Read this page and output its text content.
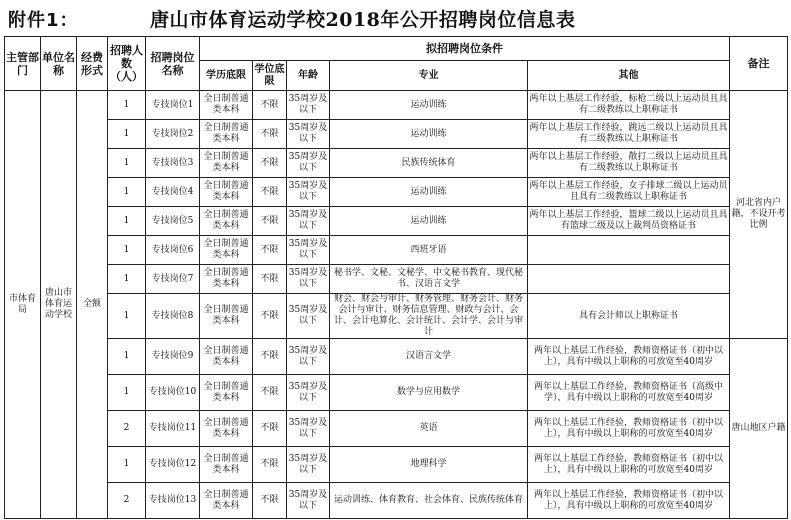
附件1：	唐山市体育运动学校2018年公开招聘岗位信息表
主管部门	单位名称	经费形式	招聘人数（人）	招聘岗位名称	拟招聘岗位条件					备注
					学历底限	学位底限	年龄	专业	其他	
市体育局	唐山市体育运动学校	全额	1	专技岗位1	全日制普通类本科	不限	35周岁及以下	运动训练	两年以上基层工作经验，标枪二级以上运动员且具有二级教练以上职称证书	河北省内户籍，不设开考比例
			1	专技岗位2	全日制普通类本科	不限	35周岁及以下	运动训练	两年以上基层工作经验，跳远二级以上运动员且具有二级教练以上职称证书	
			1	专技岗位3	全日制普通类本科	不限	35周岁及以下	民族传统体育	两年以上基层工作经验，散打二级以上运动员且具有二级教练以上职称证书	
			1	专技岗位4	全日制普通类本科	不限	35周岁及以下	运动训练	两年以上基层工作经验，女子排球二级以上运动员且具有二级教练以上职称证书	
			1	专技岗位5	全日制普通类本科	不限	35周岁及以下	运动训练	两年以上基层工作经验，篮球二级以上运动员且具有篮球二级及以上裁判员资格证书	
			1	专技岗位6	全日制普通类本科	不限	35周岁及以下	西班牙语		
			1	专技岗位7	全日制普通类本科	不限	35周岁及以下	秘书学、文秘、文秘学、中文秘书教育、现代秘书、汉语言文学		
			1	专技岗位8	全日制普通类本科	不限	35周岁及以下	财会、财会与审计、财务管理、财务会计、财务会计与审计、财务信息管理、财政与会计、会计、会计电算化、会计统计、会计学、会计与审计	具有会计师以上职称证书	
			1	专技岗位9	全日制普通类本科	不限	35周岁及以下	汉语言文学	两年以上基层工作经验，教师资格证书（初中以上），具有中级以上职称的可放宽至40周岁	唐山地区户籍
			1	专技岗位10	全日制普通类本科	不限	35周岁及以下	数学与应用数学	两年以上基层工作经验，教师资格证书（高级中学），具有中级以上职称的可放宽至40周岁	
			2	专技岗位11	全日制普通类本科	不限	35周岁及以下	英语	两年以上基层工作经验，教师资格证书（初中以上），具有中级以上职称的可放宽至40周岁	
			1	专技岗位12	全日制普通类本科	不限	35周岁及以下	地理科学	两年以上基层工作经验，教师资格证书（初中以上），具有中级以上职称的可放宽至40周岁	
			2	专技岗位13	全日制普通类本科	不限	35周岁及以下	运动训练、体育教育、社会体育、民族传统体育	两年以上基层工作经验，教师资格证书（初中以上），具有中级以上职称的可放宽至40周岁	
